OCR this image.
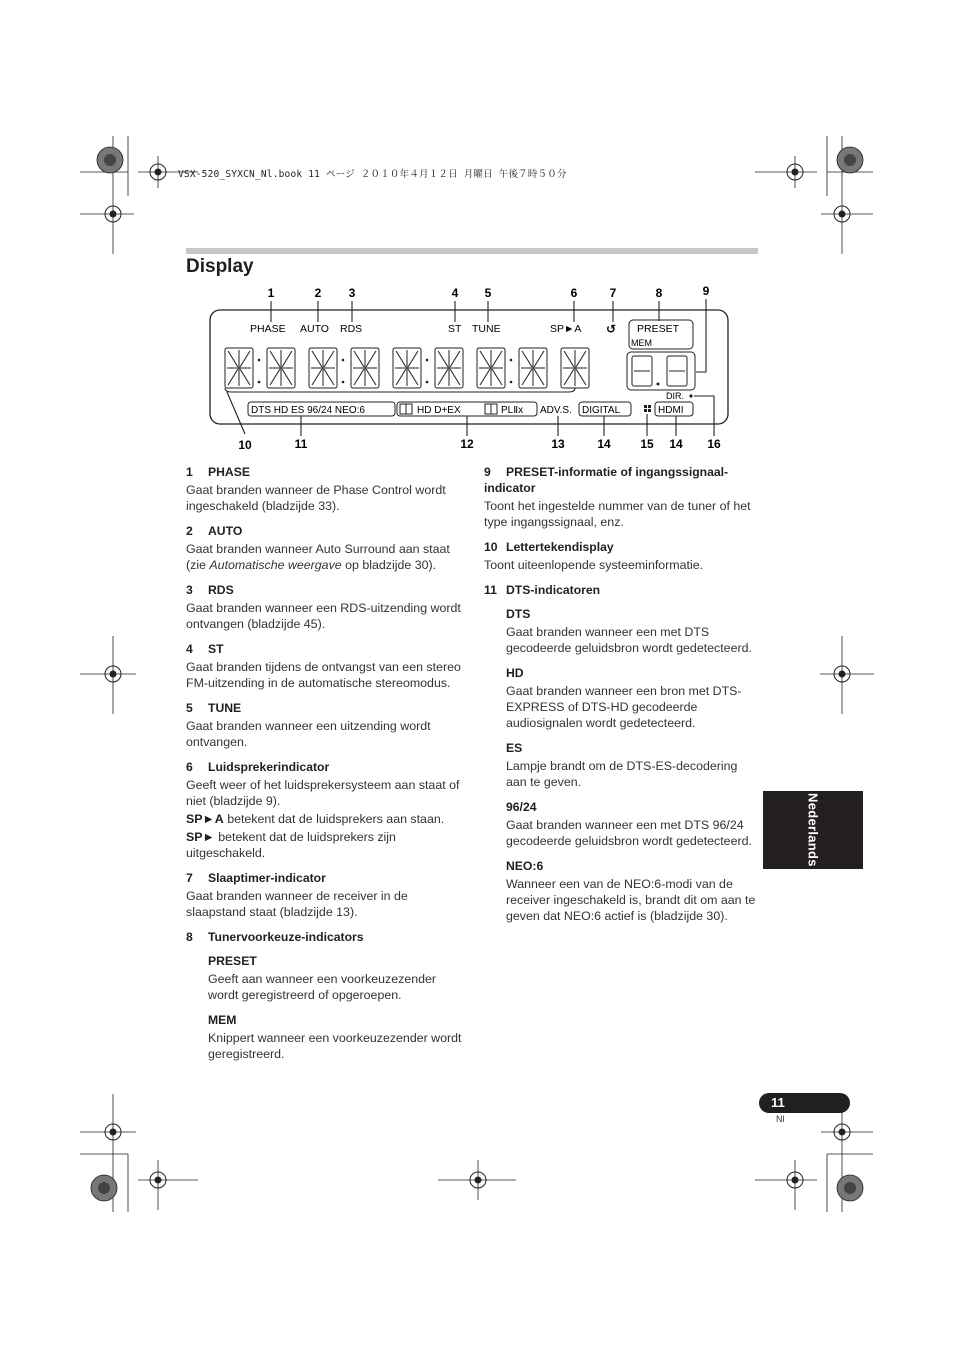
VSX-520_SYXCN_Nl.book 11 ページ ２０１０年４月１２日 月曜日 午後７時５０分
Display
1	2 3	4 5	6	7	8	9
PHASE AUTO RDS	ST TUNE	SP►A ↺ PRESET
MEM
DIR.
DTS HD ES 96/24 NEO:6	HD D+EX	PLⅡx ADV.S. DIGITAL	HDMI
10	11	12	13	14 15 14 16

1 PHASE

Gaat branden wanneer de Phase Control wordt ingeschakeld (bladzijde 33).

2 AUTO

Gaat branden wanneer Auto Surround aan staat (zie Automatische weergave op bladzijde 30).

3 RDS

Gaat branden wanneer een RDS-uitzending wordt ontvangen (bladzijde 45).

4 ST

Gaat branden tijdens de ontvangst van een stereo FM-uitzending in de automatische stereomodus.

5 TUNE

Gaat branden wanneer een uitzending wordt ontvangen.

6 Luidsprekerindicator

Geeft weer of het luidsprekersysteem aan staat of niet (bladzijde 9).

SP►A betekent dat de luidsprekers aan staan.

SP► betekent dat de luidsprekers zijn uitgeschakeld.

7 Slaaptimer-indicator

Gaat branden wanneer de receiver in de slaapstand staat (bladzijde 13).

8 Tunervoorkeuze-indicators

PRESET

Geeft aan wanneer een voorkeuzezender wordt geregistreerd of opgeroepen.

MEM

Knippert wanneer een voorkeuzezender wordt geregistreerd.

9 PRESET-informatie of ingangssignaal-indicator

Toont het ingestelde nummer van de tuner of het type ingangssignaal, enz.

10 Lettertekendisplay

Toont uiteenlopende systeeminformatie.

11 DTS-indicatoren

DTS

Gaat branden wanneer een met DTS gecodeerde geluidsbron wordt gedetecteerd.

HD

Gaat branden wanneer een bron met DTS-EXPRESS of DTS-HD gecodeerde audiosignalen wordt gedetecteerd.

ES

Lampje brandt om de DTS-ES-decodering aan te geven.

96/24

Gaat branden wanneer een met DTS 96/24 gecodeerde geluidsbron wordt gedetecteerd.

NEO:6

Wanneer een van de NEO:6-modi van de receiver ingeschakeld is, brandt dit om aan te geven dat NEO:6 actief is (bladzijde 30).

Nederlands
11
Nl
